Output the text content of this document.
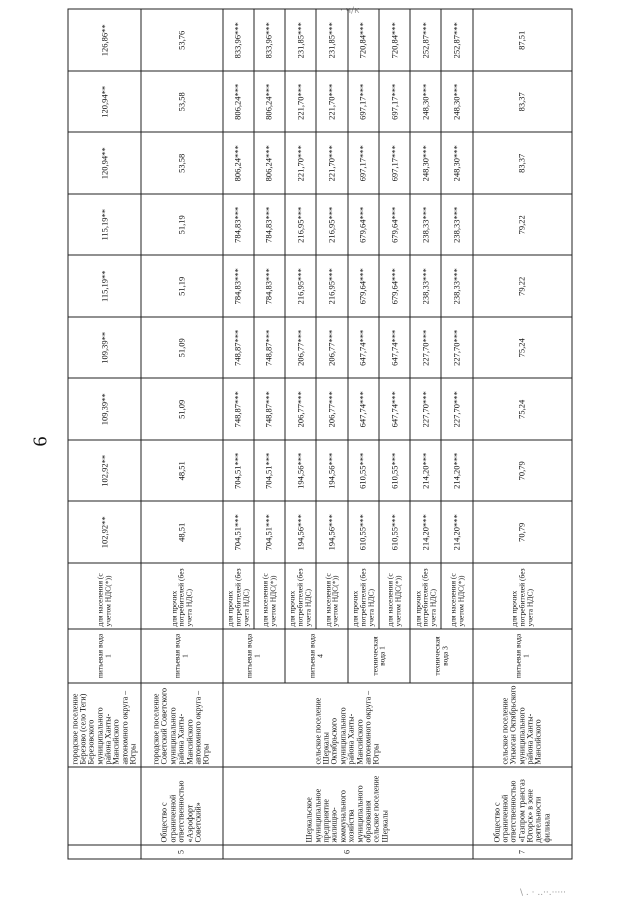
· ч/к
6
		городское поселение Березово (село Теги) Березовского муниципального района Ханты-Мансийского автономного округа – Югры	питьевая вода 1	для населения (с учетом НДС(*))	102,92**	102,92**	109,39**	109,39**	115,19**	115,19**	120,94**	120,94**	126,86**
5	Общество с ограниченной ответственностью «Аэрофорт Советский»	городское поселение Советский Советского муниципального района Ханты-Мансийского автономного округа – Югры	питьевая вода 1	для прочих потребителей (без учета НДС)	48,51	48,51	51,09	51,09	51,19	51,19	53,58	53,58	53,76
6	Шеркальское муниципальное предприятие жилищно-коммунального хозяйства муниципального образования сельское поселение Шеркалы	сельское поселение Шеркалы Октябрьского муниципального района Ханты-Мансийского автономного округа – Югры	питьевая вода 1	для прочих потребителей (без учета НДС)	704,51***	704,51***	748,87***	748,87***	784,83***	784,83***	806,24***	806,24***	833,96***
				для населения (с учетом НДС(*))	704,51***	704,51***	748,87***	748,87***	784,83***	784,83***	806,24***	806,24***	833,96***
			питьевая вода 4	для прочих потребителей (без учета НДС)	194,56***	194,56***	206,77***	206,77***	216,95***	216,95***	221,70***	221,70***	231,85***
				для населения (с учетом НДС(*))	194,56***	194,56***	206,77***	206,77***	216,95***	216,95***	221,70***	221,70***	231,85***
			техническая вода 1	для прочих потребителей (без учета НДС)	610,55***	610,55***	647,74***	647,74***	679,64***	679,64***	697,17***	697,17***	720,84***
				для населения (с учетом НДС(*))	610,55***	610,55***	647,74***	647,74***	679,64***	679,64***	697,17***	697,17***	720,84***
			техническая вода 3	для прочих потребителей (без учета НДС)	214,20***	214,20***	227,70***	227,70***	238,33***	238,33***	248,30***	248,30***	252,87***
				для населения (с учетом НДС(*))	214,20***	214,20***	227,70***	227,70***	238,33***	238,33***	248,30***	248,30***	252,87***
7	Общество с ограниченной ответственностью «Газпром трансгаз Югорск» в зоне деятельности филиала	сельское поселение Унъюган Октябрьского муниципального района Ханты-Мансийского	питьевая вода 1	для прочих потребителей (без учета НДС)	70,79	70,79	75,24	75,24	79,22	79,22	83,37	83,37	87,51
\ . · ..··.·····
